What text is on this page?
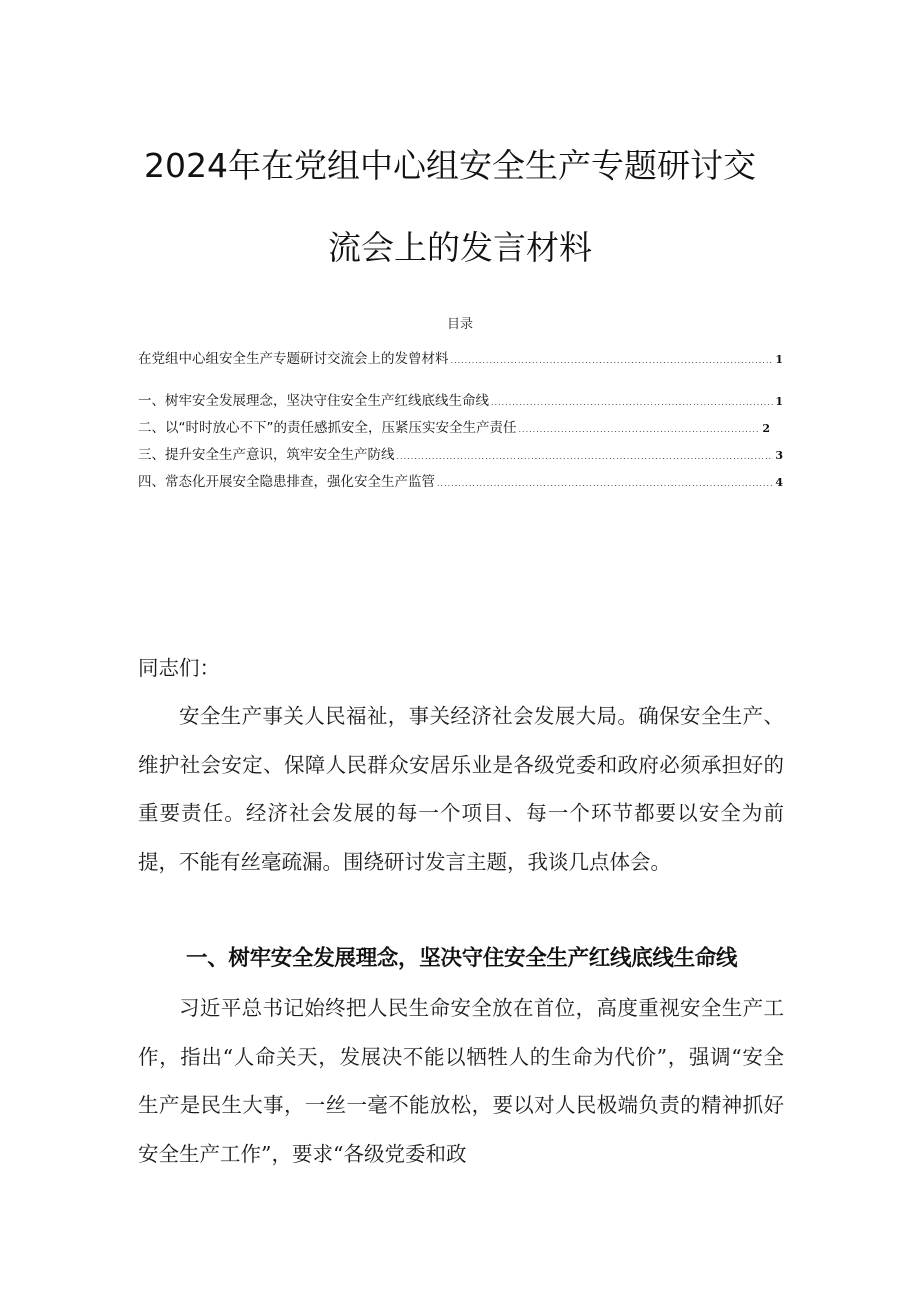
2024年在党组中心组安全生产专题研讨交
流会上的发言材料
目录
在党组中心组安全生产专题研讨交流会上的发曾材料 .....	1
一、树牢安全发展理念，坚决守住安全生产红线底线生命线 .....	1
二、以“时时放心不下”的责任感抓安全，压紧压实安全生产责任 .....	2
三、提升安全生产意识，筑牢安全生产防线 .....	3
四、常态化开展安全隐患排查，强化安全生产监管 .....	4

同志们：

安全生产事关人民福祉，事关经济社会发展大局。确保安全生产、维护社会安定、保障人民群众安居乐业是各级党委和政府必须承担好的重要责任。经济社会发展的每一个项目、每一个环节都要以安全为前提，不能有丝毫疏漏。围绕研讨发言主题，我谈几点体会。

一、树牢安全发展理念，坚决守住安全生产红线底线生命线

习近平总书记始终把人民生命安全放在首位，高度重视安全生产工作，指出“人命关天，发展决不能以牺牲人的生命为代价”，强调“安全生产是民生大事，一丝一毫不能放松，要以对人民极端负责的精神抓好安全生产工作”，要求“各级党委和政
